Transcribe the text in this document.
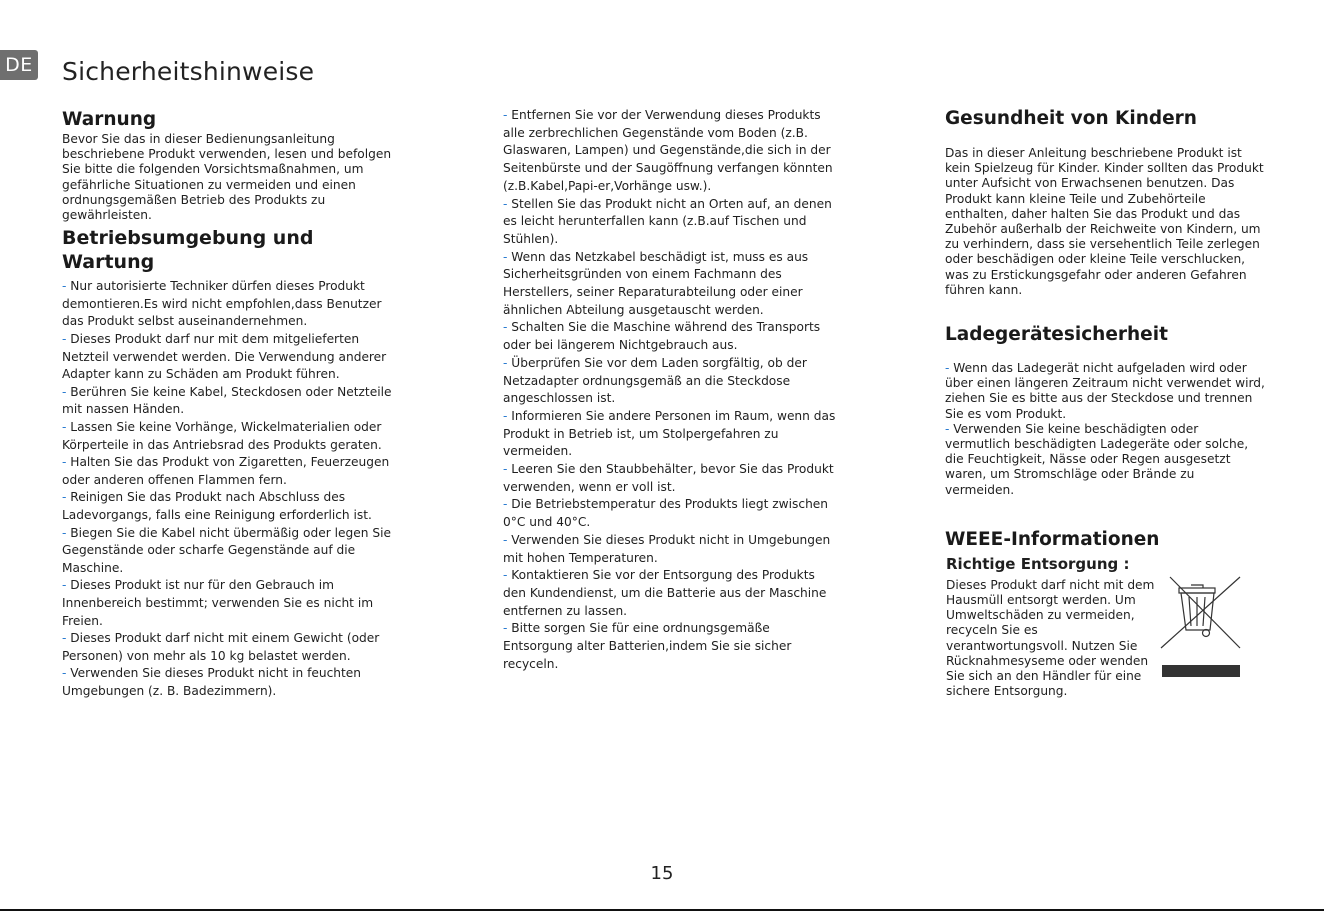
DE Sicherheitshinweise
Warnung

Bevor Sie das in dieser Bedienungsanleitung beschriebene Produkt verwenden, lesen und befolgen Sie bitte die folgenden Vorsichtsmaßnahmen, um gefährliche Situationen zu vermeiden und einen ordnungsgemäßen Betrieb des Produkts zu gewährleisten.

Betriebsumgebung und Wartung
- Nur autorisierte Techniker dürfen dieses Produkt demontieren.Es wird nicht empfohlen,dass Benutzer das Produkt selbst auseinandernehmen.
- Dieses Produkt darf nur mit dem mitgelieferten Netzteil verwendet werden. Die Verwendung anderer Adapter kann zu Schäden am Produkt führen.
- Berühren Sie keine Kabel, Steckdosen oder Netzteile
mit nassen Händen.
- Lassen Sie keine Vorhänge, Wickelmaterialien oder Körperteile in das Antriebsrad des Produkts geraten.
- Halten Sie das Produkt von Zigaretten, Feuerzeugen
oder anderen offenen Flammen fern.
- Reinigen Sie das Produkt nach Abschluss des Ladevorgangs, falls eine Reinigung erforderlich ist.
- Biegen Sie die Kabel nicht übermäßig oder legen Sie Gegenstände oder scharfe Gegenstände auf die Maschine.
- Dieses Produkt ist nur für den Gebrauch im Innenbereich bestimmt; verwenden Sie es nicht im Freien.
- Dieses Produkt darf nicht mit einem Gewicht (oder Personen) von mehr als 10 kg belastet werden.
- Verwenden Sie dieses Produkt nicht in feuchten Umgebungen (z. B. Badezimmern).
- Entfernen Sie vor der Verwendung dieses Produkts alle zerbrechlichen Gegenstände vom Boden (z.B. Glaswaren, Lampen) und Gegenstände,die sich in der Seitenbürste und der Saugöffnung verfangen könnten (z.B.Kabel,Papi-er,Vorhänge usw.).
- Stellen Sie das Produkt nicht an Orten auf, an denen es leicht herunterfallen kann (z.B.auf Tischen und Stühlen).
- Wenn das Netzkabel beschädigt ist, muss es aus Sicherheitsgründen von einem Fachmann des Herstellers, seiner Reparaturabteilung oder einer ähnlichen Abteilung ausgetauscht werden.
- Schalten Sie die Maschine während des Transports oder bei längerem Nichtgebrauch aus.
- Überprüfen Sie vor dem Laden sorgfältig, ob der Netzadapter ordnungsgemäß an die Steckdose angeschlossen ist.
- Informieren Sie andere Personen im Raum, wenn das Produkt in Betrieb ist, um Stolpergefahren zu vermeiden.
- Leeren Sie den Staubbehälter, bevor Sie das Produkt verwenden, wenn er voll ist.
- Die Betriebstemperatur des Produkts liegt zwischen 0°C und 40°C.
- Verwenden Sie dieses Produkt nicht in Umgebungen mit hohen Temperaturen.
- Kontaktieren Sie vor der Entsorgung des Produkts den Kundendienst, um die Batterie aus der Maschine entfernen zu lassen.
- Bitte sorgen Sie für eine ordnungsgemäße Entsorgung alter Batterien,indem Sie sie sicher recyceln.
Gesundheit von Kindern

Das in dieser Anleitung beschriebene Produkt ist kein Spielzeug für Kinder. Kinder sollten das Produkt unter Aufsicht von Erwachsenen benutzen. Das Produkt kann kleine Teile und Zubehörteile enthalten, daher halten Sie das Produkt und das Zubehör außerhalb der Reichweite von Kindern, um zu verhindern, dass sie versehentlich Teile zerlegen oder beschädigen oder kleine Teile verschlucken, was zu Erstickungsgefahr oder anderen Gefahren führen kann.

Ladegerätesicherheit
- Wenn das Ladegerät nicht aufgeladen wird oder über einen längeren Zeitraum nicht verwendet wird, ziehen Sie es bitte aus der Steckdose und trennen Sie es vom Produkt.
- Verwenden Sie keine beschädigten oder vermutlich beschädigten Ladegeräte oder solche, die Feuchtigkeit, Nässe oder Regen ausgesetzt waren, um Stromschläge oder Brände zu vermeiden.
WEEE-Informationen
Richtige Entsorgung :

Dieses Produkt darf nicht mit dem Hausmüll entsorgt werden. Um Umweltschäden zu vermeiden, recyceln Sie es verantwortungsvoll. Nutzen Sie Rücknahmesyseme oder wenden Sie sich an den Händler für eine sichere Entsorgung.

15
